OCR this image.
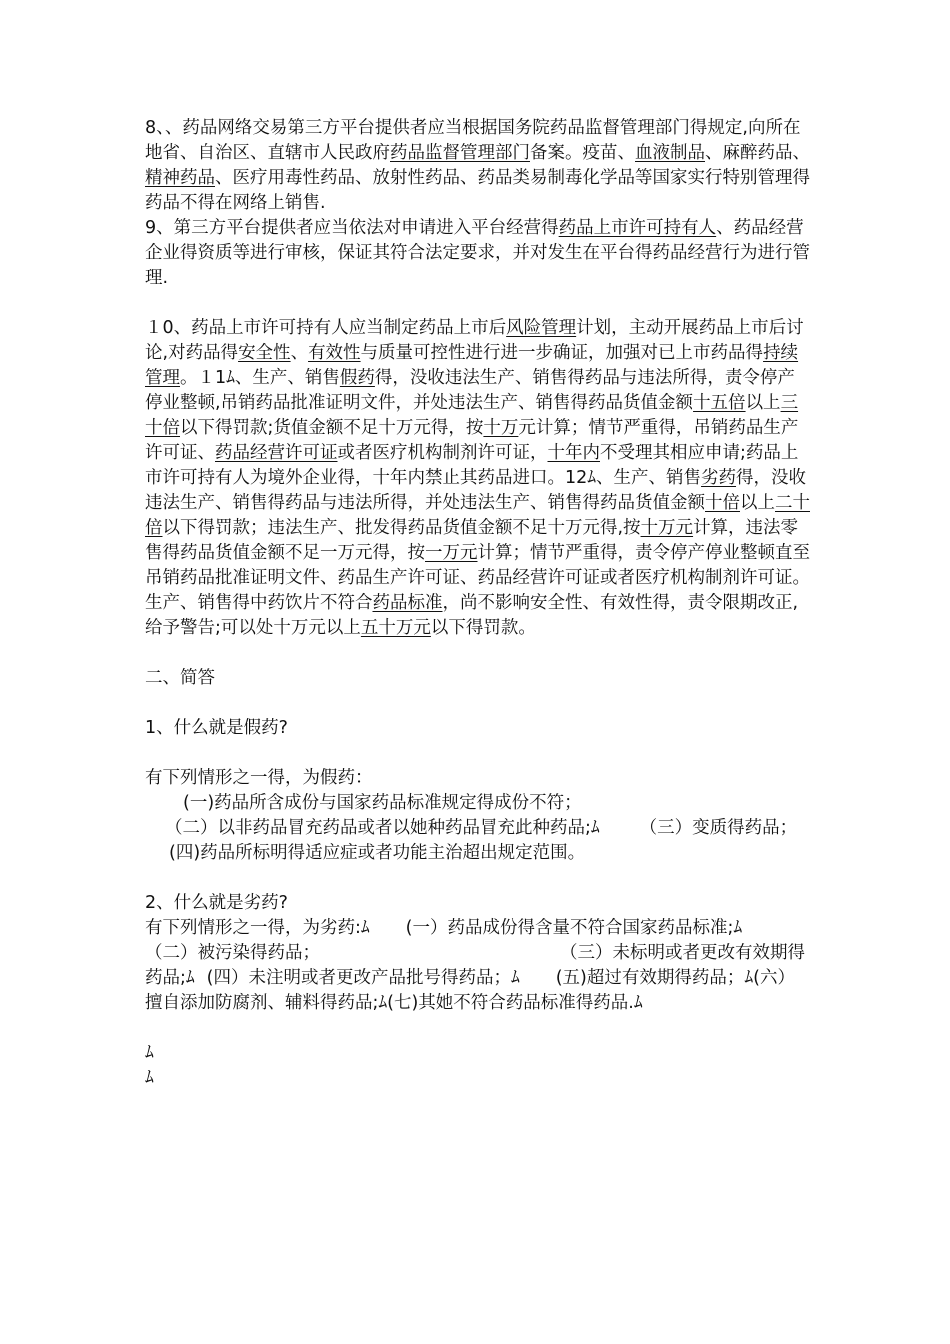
8、、药品网络交易第三方平台提供者应当根据国务院药品监督管理部门得规定,向所在地省、自治区、直辖市人民政府药品监督管理部门备案。疫苗、血液制品、麻醉药品、精神药品、医疗用毒性药品、放射性药品、药品类易制毒化学品等国家实行特别管理得药品不得在网络上销售.

9、第三方平台提供者应当依法对申请进入平台经营得药品上市许可持有人、药品经营企业得资质等进行审核，保证其符合法定要求，并对发生在平台得药品经营行为进行管理.

１0、药品上市许可持有人应当制定药品上市后风险管理计划，主动开展药品上市后讨论,对药品得安全性、有效性与质量可控性进行进一步确证，加强对已上市药品得持续管理。１1ﾑ、生产、销售假药得，没收违法生产、销售得药品与违法所得，责令停产停业整顿,吊销药品批准证明文件，并处违法生产、销售得药品货值金额十五倍以上三十倍以下得罚款;货值金额不足十万元得，按十万元计算；情节严重得，吊销药品生产许可证、药品经营许可证或者医疗机构制剂许可证，十年内不受理其相应申请;药品上市许可持有人为境外企业得，十年内禁止其药品进口。12ﾑ、生产、销售劣药得，没收违法生产、销售得药品与违法所得，并处违法生产、销售得药品货值金额十倍以上二十倍以下得罚款；违法生产、批发得药品货值金额不足十万元得,按十万元计算，违法零售得药品货值金额不足一万元得，按一万元计算；情节严重得，责令停产停业整顿直至吊销药品批准证明文件、药品生产许可证、药品经营许可证或者医疗机构制剂许可证。生产、销售得中药饮片不符合药品标准，尚不影响安全性、有效性得，责令限期改正,给予警告;可以处十万元以上五十万元以下得罚款。

二、简答

1、什么就是假药?

有下列情形之一得，为假药：

(一)药品所含成份与国家药品标准规定得成份不符；

（二）以非药品冒充药品或者以她种药品冒充此种药品;ﾑ （三）变质得药品；

(四)药品所标明得适应症或者功能主治超出规定范围。

2、什么就是劣药?

有下列情形之一得，为劣药:ﾑ (一）药品成份得含量不符合国家药品标准;ﾑ（二）被污染得药品；	（三）未标明或者更改有效期得药品;ﾑ (四）未注明或者更改产品批号得药品；ﾑ (五)超过有效期得药品；ﾑ(六）擅自添加防腐剂、辅料得药品;ﾑ(七)其她不符合药品标准得药品.ﾑ

ﾑ

ﾑ
